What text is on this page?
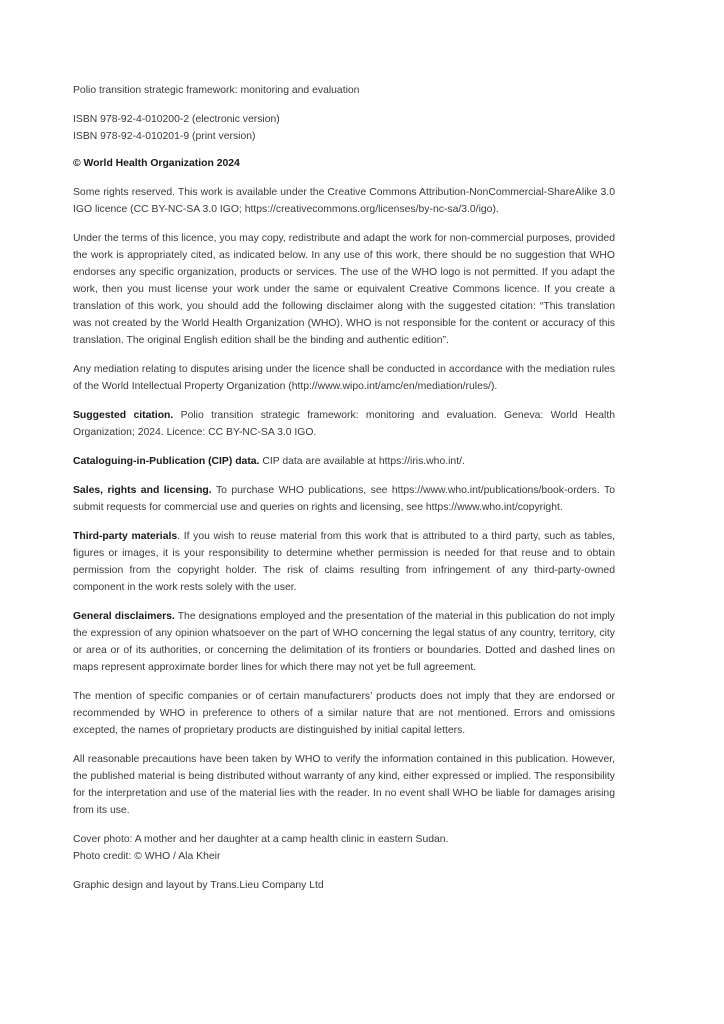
Polio transition strategic framework: monitoring and evaluation

ISBN 978-92-4-010200-2 (electronic version)

ISBN 978-92-4-010201-9 (print version)

© World Health Organization 2024

Some rights reserved. This work is available under the Creative Commons Attribution-NonCommercial-ShareAlike 3.0 IGO licence (CC BY-NC-SA 3.0 IGO; https://creativecommons.org/licenses/by-nc-sa/3.0/igo).

Under the terms of this licence, you may copy, redistribute and adapt the work for non-commercial purposes, provided the work is appropriately cited, as indicated below. In any use of this work, there should be no suggestion that WHO endorses any specific organization, products or services. The use of the WHO logo is not permitted. If you adapt the work, then you must license your work under the same or equivalent Creative Commons licence. If you create a translation of this work, you should add the following disclaimer along with the suggested citation: “This translation was not created by the World Health Organization (WHO). WHO is not responsible for the content or accuracy of this translation. The original English edition shall be the binding and authentic edition”.

Any mediation relating to disputes arising under the licence shall be conducted in accordance with the mediation rules of the World Intellectual Property Organization (http://www.wipo.int/amc/en/mediation/rules/).

Suggested citation. Polio transition strategic framework: monitoring and evaluation. Geneva: World Health Organization; 2024. Licence: CC BY-NC-SA 3.0 IGO.

Cataloguing-in-Publication (CIP) data. CIP data are available at https://iris.who.int/.

Sales, rights and licensing. To purchase WHO publications, see https://www.who.int/publications/book-orders. To submit requests for commercial use and queries on rights and licensing, see https://www.who.int/copyright.

Third-party materials. If you wish to reuse material from this work that is attributed to a third party, such as tables, figures or images, it is your responsibility to determine whether permission is needed for that reuse and to obtain permission from the copyright holder. The risk of claims resulting from infringement of any third-party-owned component in the work rests solely with the user.

General disclaimers. The designations employed and the presentation of the material in this publication do not imply the expression of any opinion whatsoever on the part of WHO concerning the legal status of any country, territory, city or area or of its authorities, or concerning the delimitation of its frontiers or boundaries. Dotted and dashed lines on maps represent approximate border lines for which there may not yet be full agreement.

The mention of specific companies or of certain manufacturers’ products does not imply that they are endorsed or recommended by WHO in preference to others of a similar nature that are not mentioned. Errors and omissions excepted, the names of proprietary products are distinguished by initial capital letters.

All reasonable precautions have been taken by WHO to verify the information contained in this publication. However, the published material is being distributed without warranty of any kind, either expressed or implied. The responsibility for the interpretation and use of the material lies with the reader. In no event shall WHO be liable for damages arising from its use.

Cover photo: A mother and her daughter at a camp health clinic in eastern Sudan.

Photo credit: © WHO / Ala Kheir

Graphic design and layout by Trans.Lieu Company Ltd
